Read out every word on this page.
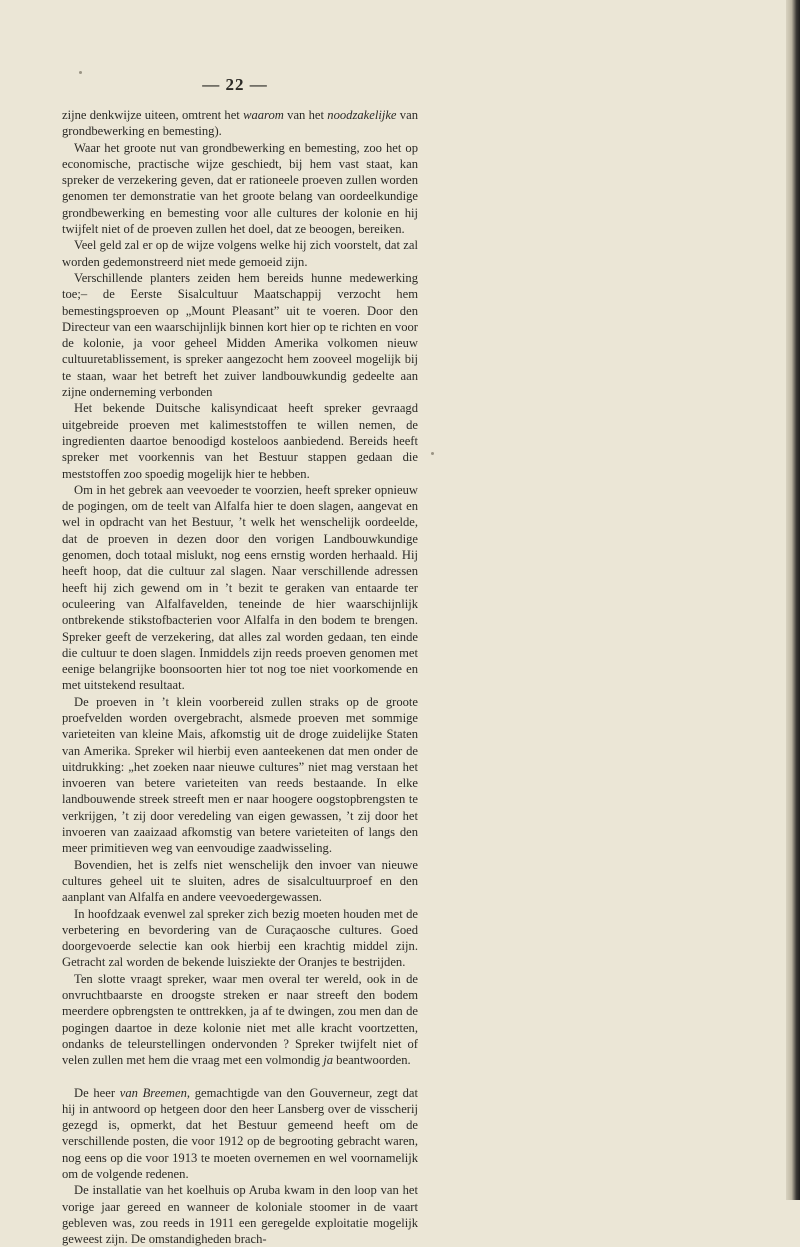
— 22 —

zijne denkwijze uiteen, omtrent het waarom van het noodzakelijke van grondbewerking en bemesting).

Waar het groote nut van grondbewerking en bemesting, zoo het op economische, practische wijze geschiedt, bij hem vast staat, kan spreker de verzekering geven, dat er rationeele proeven zullen worden genomen ter demonstratie van het groote belang van oordeelkundige grondbewerking en bemesting voor alle cultures der kolonie en hij twijfelt niet of de proeven zullen het doel, dat ze beoogen, bereiken.

Veel geld zal er op de wijze volgens welke hij zich voorstelt, dat zal worden gedemonstreerd niet mede gemoeid zijn.

Verschillende planters zeiden hem bereids hunne medewerking toe;– de Eerste Sisalcultuur Maatschappij verzocht hem bemestingsproeven op „Mount Pleasant” uit te voeren. Door den Directeur van een waarschijnlijk binnen kort hier op te richten en voor de kolonie, ja voor geheel Midden Amerika volkomen nieuw cultuuretablissement, is spreker aangezocht hem zooveel mogelijk bij te staan, waar het betreft het zuiver landbouwkundig gedeelte aan zijne onderneming verbonden

Het bekende Duitsche kalisyndicaat heeft spreker gevraagd uitgebreide proeven met kalimeststoffen te willen nemen, de ingredienten daartoe benoodigd kosteloos aanbiedend. Bereids heeft spreker met voorkennis van het Bestuur stappen gedaan die meststoffen zoo spoedig mogelijk hier te hebben.

Om in het gebrek aan veevoeder te voorzien, heeft spreker opnieuw de pogingen, om de teelt van Alfalfa hier te doen slagen, aangevat en wel in opdracht van het Bestuur, ’t welk het wenschelijk oordeelde, dat de proeven in dezen door den vorigen Landbouwkundige genomen, doch totaal mislukt, nog eens ernstig worden herhaald. Hij heeft hoop, dat die cultuur zal slagen. Naar verschillende adressen heeft hij zich gewend om in ’t bezit te geraken van entaarde ter oculeering van Alfalfavelden, teneinde de hier waarschijnlijk ontbrekende stikstofbacterien voor Alfalfa in den bodem te brengen. Spreker geeft de verzekering, dat alles zal worden gedaan, ten einde die cultuur te doen slagen. Inmiddels zijn reeds proeven genomen met eenige belangrijke boonsoorten hier tot nog toe niet voorkomende en met uitstekend resultaat.

De proeven in ’t klein voorbereid zullen straks op de groote proefvelden worden overgebracht, alsmede proeven met sommige varieteiten van kleine Mais, afkomstig uit de droge zuidelijke Staten van Amerika. Spreker wil hierbij even aanteekenen dat men onder de uitdrukking: „het zoeken naar nieuwe cultures” niet mag verstaan het invoeren van betere varieteiten van reeds bestaande. In elke landbouwende streek streeft men er naar hoogere oogstopbrengsten te verkrijgen, ’t zij door veredeling van eigen gewassen, ’t zij door het invoeren van zaaizaad afkomstig van betere varieteiten of langs den meer primitieven weg van eenvoudige zaadwisseling.

Bovendien, het is zelfs niet wenschelijk den invoer van nieuwe cultures geheel uit te sluiten, adres de sisalcultuurproef en den aanplant van Alfalfa en andere veevoedergewassen.

In hoofdzaak evenwel zal spreker zich bezig moeten houden met de verbetering en bevordering van de Curaçaosche cultures. Goed doorgevoerde selectie kan ook hierbij een krachtig middel zijn. Getracht zal worden de bekende luisziekte der Oranjes te bestrijden.

Ten slotte vraagt spreker, waar men overal ter wereld, ook in de onvruchtbaarste en droogste streken er naar streeft den bodem meerdere opbrengsten te onttrekken, ja af te dwingen, zou men dan de pogingen daartoe in deze kolonie niet met alle kracht voortzetten, ondanks de teleurstellingen ondervonden ? Spreker twijfelt niet of velen zullen met hem die vraag met een volmondig ja beantwoorden.

De heer van Breemen, gemachtigde van den Gouverneur, zegt dat hij in antwoord op hetgeen door den heer Lansberg over de visscherij gezegd is, opmerkt, dat het Bestuur gemeend heeft om de verschillende posten, die voor 1912 op de begrooting gebracht waren, nog eens op die voor 1913 te moeten overnemen en wel voornamelijk om de volgende redenen.

De installatie van het koelhuis op Aruba kwam in den loop van het vorige jaar gereed en wanneer de koloniale stoomer in de vaart gebleven was, zou reeds in 1911 een geregelde exploitatie mogelijk geweest zijn. De omstandigheden brach-
